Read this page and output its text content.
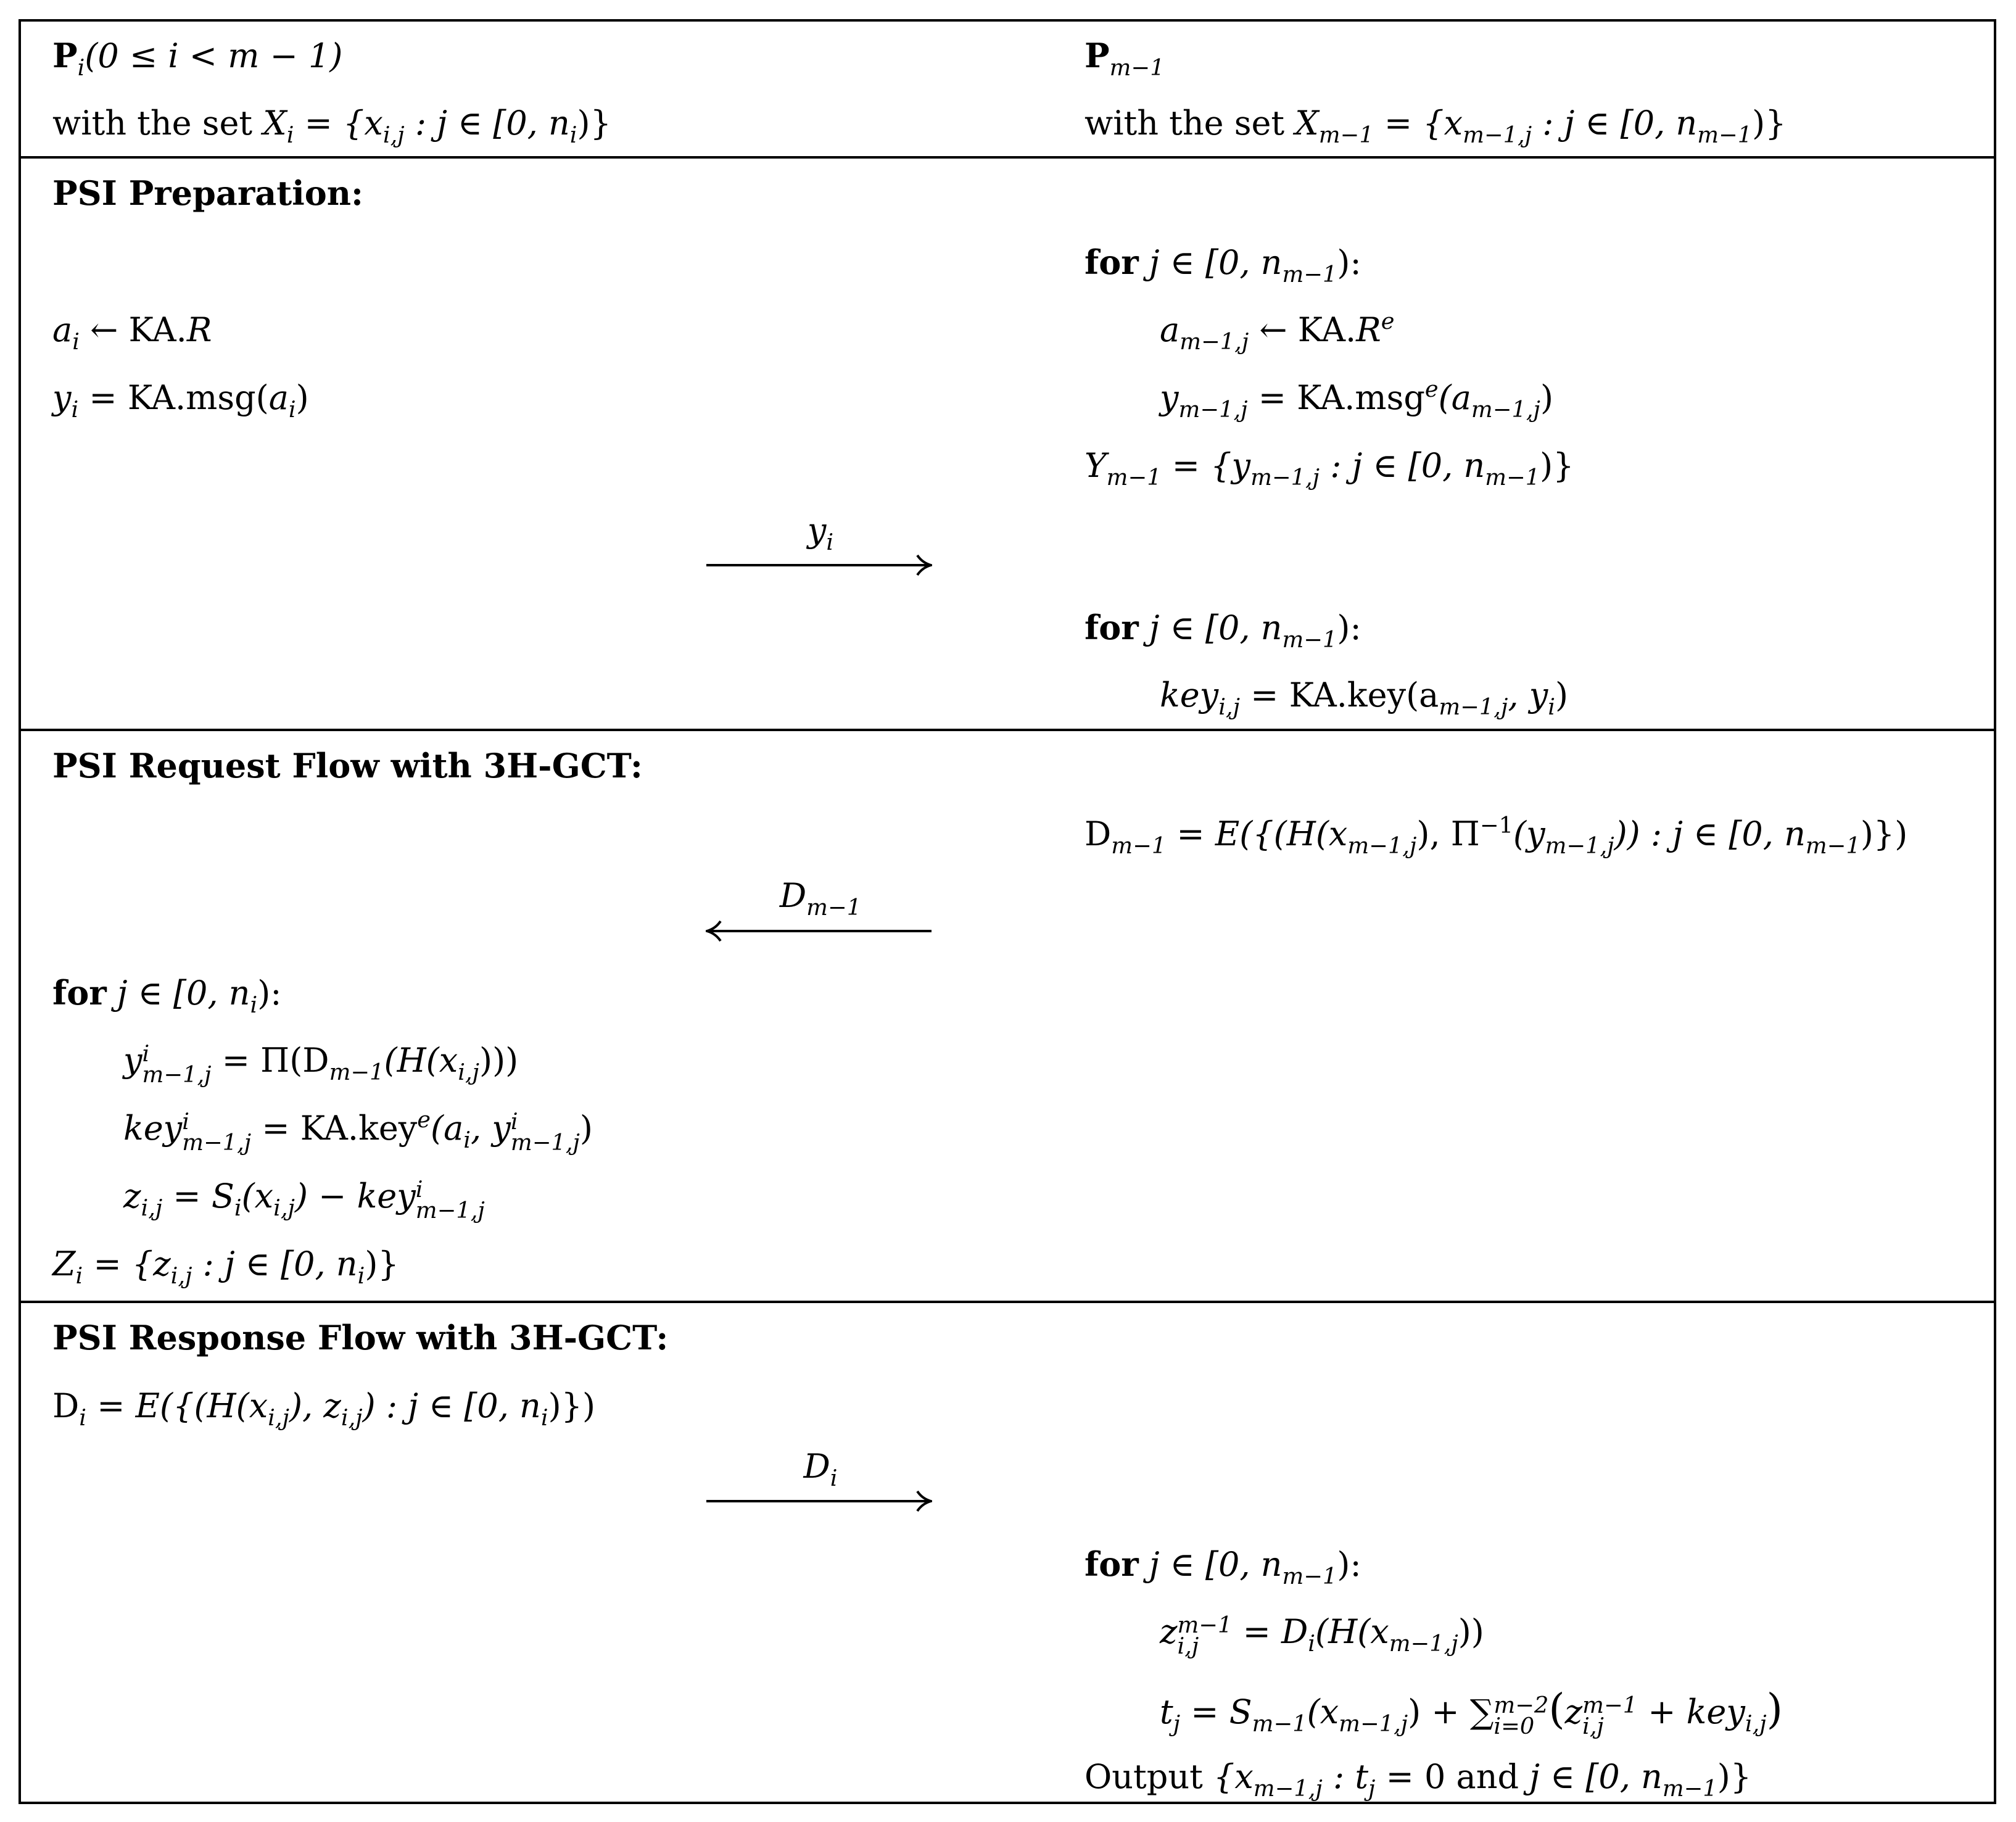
$P_i(0 \le i < m - 1)$
with the set $X_i = \{x_{i,j}$ : j ∈ [0, $n_i$)}
$P_{m-1}$
with the set $X_{m-1} = \{x_{m-1,j}$ : j ∈ [0, $n_{m-1}$)}
PSI Preparation:
for j ∈ [0, $n_{m-1}$):
$a_{m-1,j}$ ← $KA.R^e$
$y_{m-1,j} = KA.msg^e(a_{m-1,j})$
$Y_{m-1} = \{y_{m-1,j}$ : j ∈ [0, $n_{m-1}$)}
$a_i$ ← KA.R
$y_i = KA.msg(a_i)$
$y_i$
for j ∈ [0, $n_{m-1}$):
$key_{i,j} = KA.key(a_{m-1,j}$, $y_i$)
PSI Request Flow with 3H-GCT:
$D_{m-1} = E(\{(H(x_{m-1,j})$, $\Pi^{-1}(y_{m-1,j})$) : j ∈ [0, $n_{m-1}$)})
$D_{m-1}$
for j ∈ [0, $n_i$):
y i
$m-1,j = \Pi(D_{m-1}(H(x_{i,j})))$
key i
$m-1,j = KA.key^e(a_i$, y i
m−1,j )
$z_{i,j} = S_i(x_{i,j})$ − key i
m−1,j
$Z_i = \{z_{i,j}$ : j ∈ [0, $n_i$)}
PSI Response Flow with 3H-GCT:
$D_i = E(\{(H(x_{i,j})$, $z_{i,j}$) : j ∈ [0, $n_i$)})
$D_i$
for j ∈ [0, $n_{m-1}$):
z m−1
i,j	= $D_i(H(x_{m-1,j}))$
$t_j = S_{m-1}(x_{m-1,j})$ + ∑ m−2
i=0 (z m−1
i,j	+ key$_{i,j}$)
Output {$x_{m-1,j}$ : $t_j = 0$ and j ∈ [0, $n_{m-1}$)}
